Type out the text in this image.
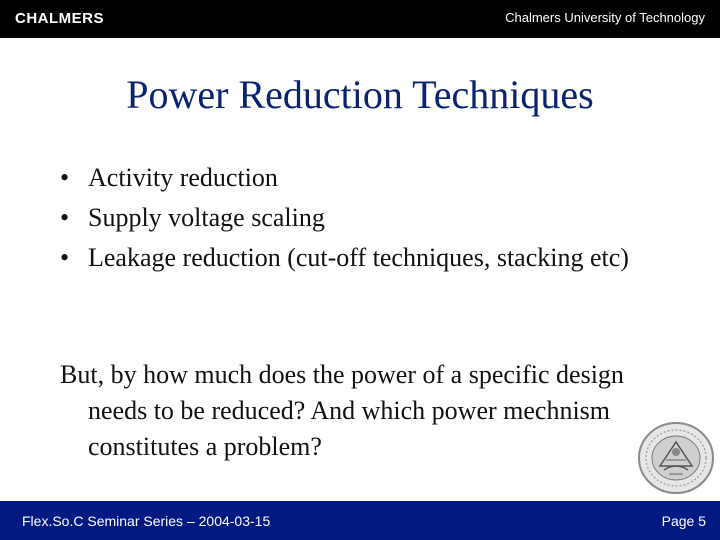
CHALMERS	Chalmers University of Technology
Power Reduction Techniques
• Activity reduction
• Supply voltage scaling
• Leakage reduction (cut-off techniques, stacking etc)
But, by how much does the power of a specific design needs to be reduced? And which power mechnism constitutes a problem?
Flex.So.C Seminar Series – 2004-03-15	Page 5
